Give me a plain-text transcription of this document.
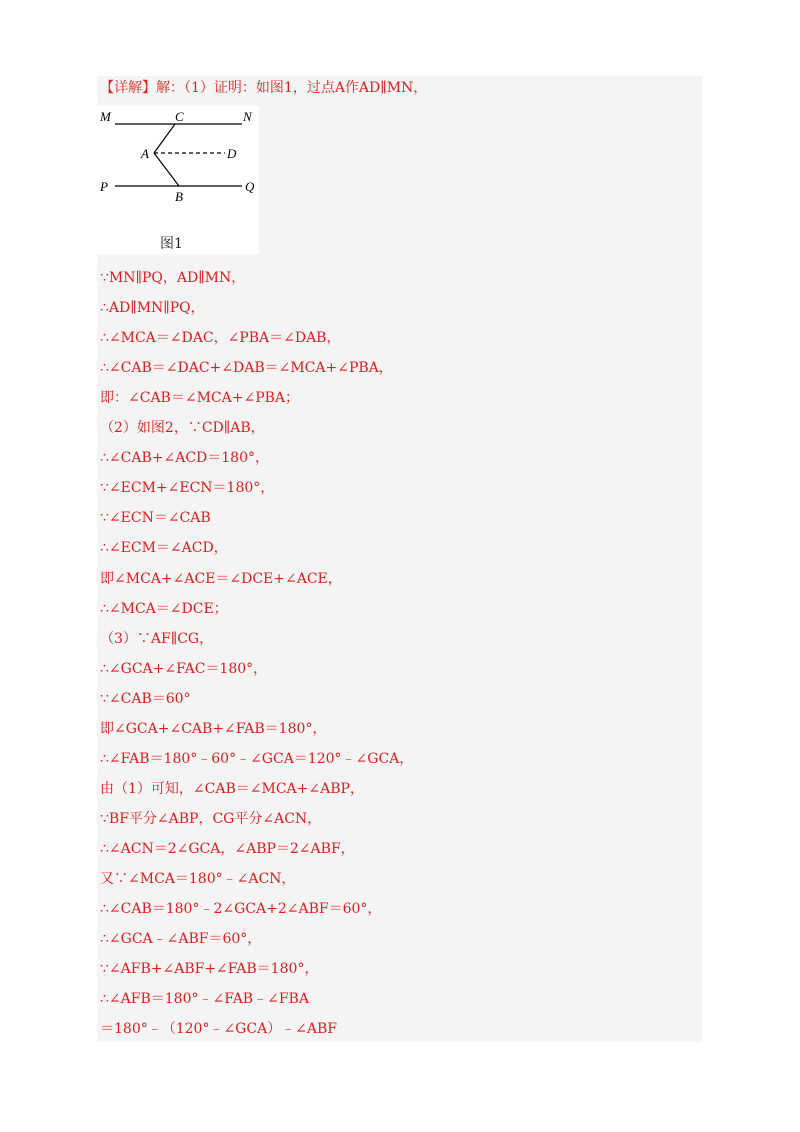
【详解】解：（1）证明：如图1，过点A作AD∥MN，
M	C	N
A	D
P
B
Q
图1
∵MN∥PQ，AD∥MN，
∴AD∥MN∥PQ，
∴∠MCA＝∠DAC，∠PBA＝∠DAB，
∴∠CAB＝∠DAC+∠DAB＝∠MCA+∠PBA，
即：∠CAB＝∠MCA+∠PBA；
（2）如图2，∵CD∥AB，
∴∠CAB+∠ACD＝180°，
∵∠ECM+∠ECN＝180°，
∵∠ECN＝∠CAB
∴∠ECM＝∠ACD，
即∠MCA+∠ACE＝∠DCE+∠ACE，
∴∠MCA＝∠DCE；
（3）∵AF∥CG，
∴∠GCA+∠FAC＝180°，
∵∠CAB＝60°
即∠GCA+∠CAB+∠FAB＝180°，
∴∠FAB＝180°﹣60°﹣∠GCA＝120°﹣∠GCA，
由（1）可知，∠CAB＝∠MCA+∠ABP，
∵BF平分∠ABP，CG平分∠ACN，
∴∠ACN＝2∠GCA，∠ABP＝2∠ABF，
又∵∠MCA＝180°﹣∠ACN，
∴∠CAB＝180°﹣2∠GCA+2∠ABF＝60°，
∴∠GCA﹣∠ABF＝60°，
∵∠AFB+∠ABF+∠FAB＝180°，
∴∠AFB＝180°﹣∠FAB﹣∠FBA
＝180°﹣（120°﹣∠GCA）﹣∠ABF
